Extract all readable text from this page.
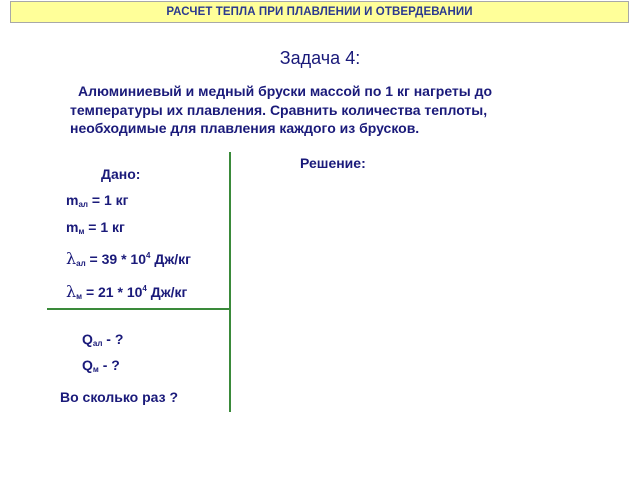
РАСЧЕТ ТЕПЛА ПРИ ПЛАВЛЕНИИ И ОТВЕРДЕВАНИИ
Задача 4:
Алюминиевый и медный бруски массой по 1 кг нагреты до
температуры их плавления. Сравнить количества теплоты,
необходимые для плавления каждого из брусков.
Дано:
Решение:
$m_{ал} = 1$ кг
$m_м = 1$ кг
$\lambda_{ал} = 39 * 10^4$ Дж/кг
$\lambda_м = 21 * 10^4$ Дж/кг
$Q_{ал}$ - ?
$Q_м$ - ?
Во сколько раз ?
